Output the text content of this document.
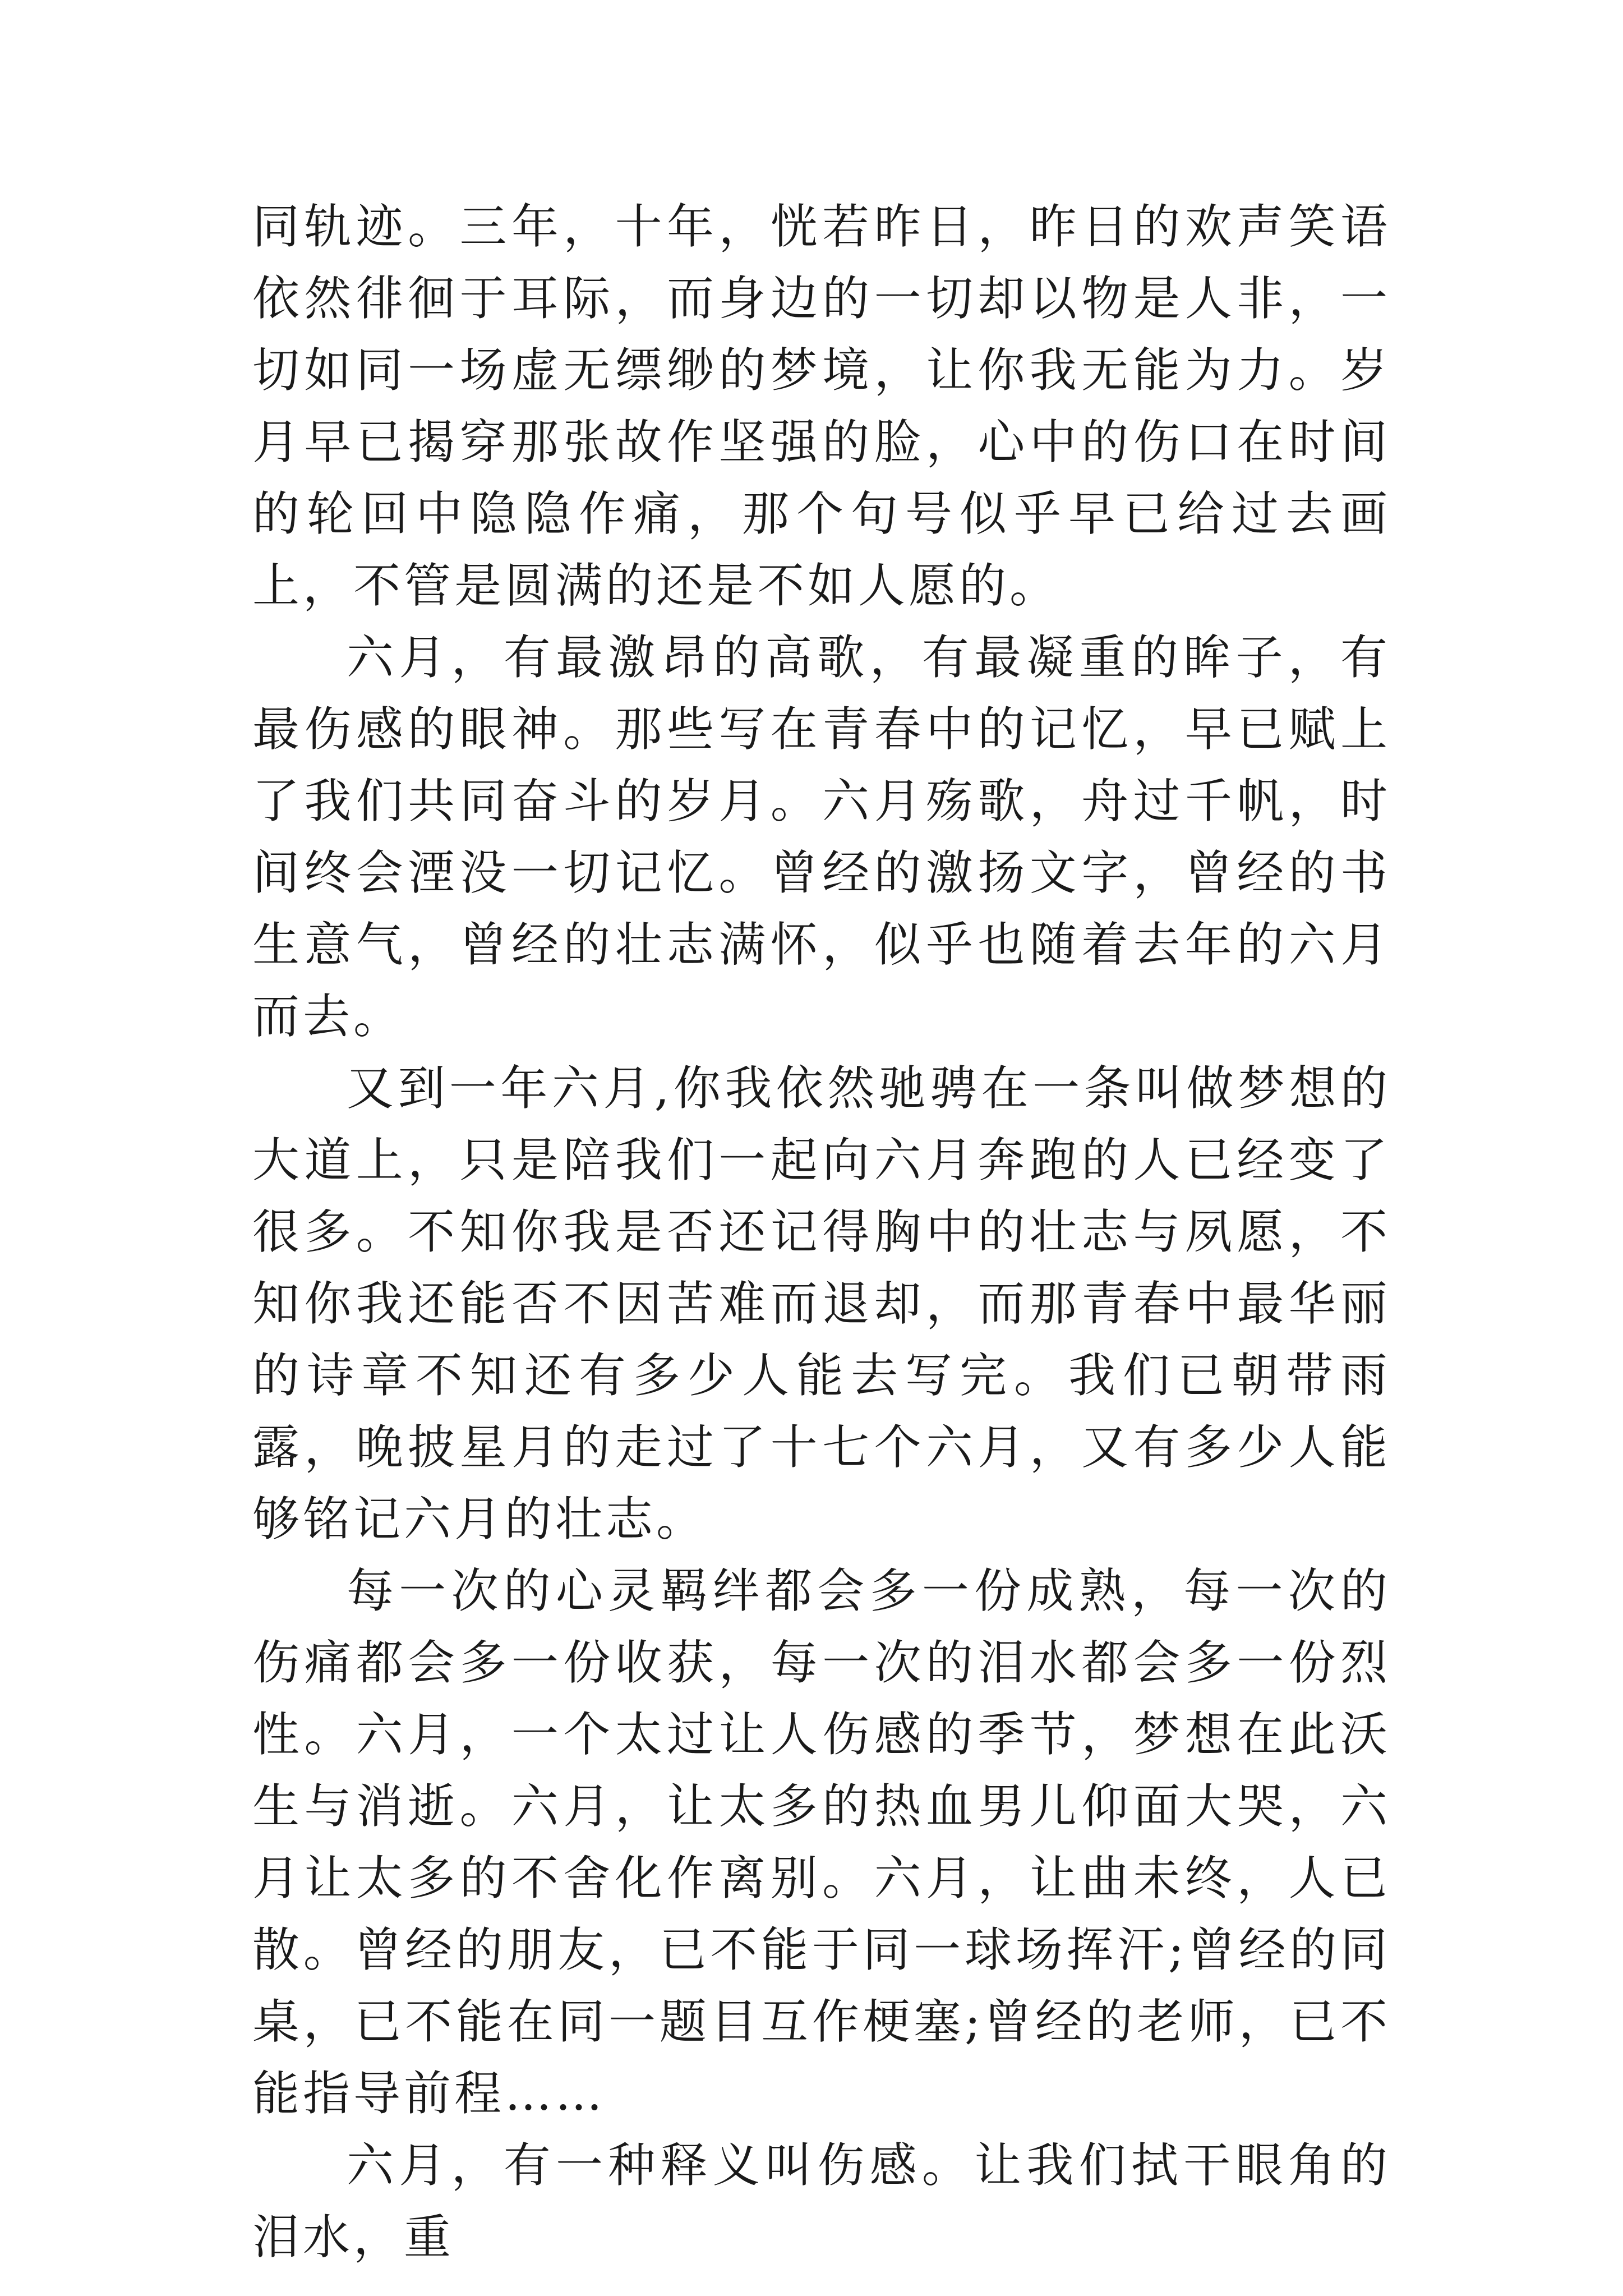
同轨迹。三年，十年，恍若昨日，昨日的欢声笑语依然徘徊于耳际，而身边的一切却以物是人非，一切如同一场虚无缥缈的梦境，让你我无能为力。岁月早已揭穿那张故作坚强的脸，心中的伤口在时间的轮回中隐隐作痛，那个句号似乎早已给过去画上，不管是圆满的还是不如人愿的。

六月，有最激昂的高歌，有最凝重的眸子，有最伤感的眼神。那些写在青春中的记忆，早已赋上了我们共同奋斗的岁月。六月殇歌，舟过千帆，时间终会湮没一切记忆。曾经的激扬文字，曾经的书生意气，曾经的壮志满怀，似乎也随着去年的六月而去。

又到一年六月,你我依然驰骋在一条叫做梦想的大道上，只是陪我们一起向六月奔跑的人已经变了很多。不知你我是否还记得胸中的壮志与夙愿，不知你我还能否不因苦难而退却，而那青春中最华丽的诗章不知还有多少人能去写完。我们已朝带雨露，晚披星月的走过了十七个六月，又有多少人能够铭记六月的壮志。

每一次的心灵羁绊都会多一份成熟，每一次的伤痛都会多一份收获，每一次的泪水都会多一份烈性。六月，一个太过让人伤感的季节，梦想在此沃生与消逝。六月，让太多的热血男儿仰面大哭，六月让太多的不舍化作离别。六月，让曲未终，人已散。曾经的朋友，已不能于同一球场挥汗;曾经的同桌，已不能在同一题目互作梗塞;曾经的老师，已不能指导前程……

六月，有一种释义叫伤感。让我们拭干眼角的泪水，重
